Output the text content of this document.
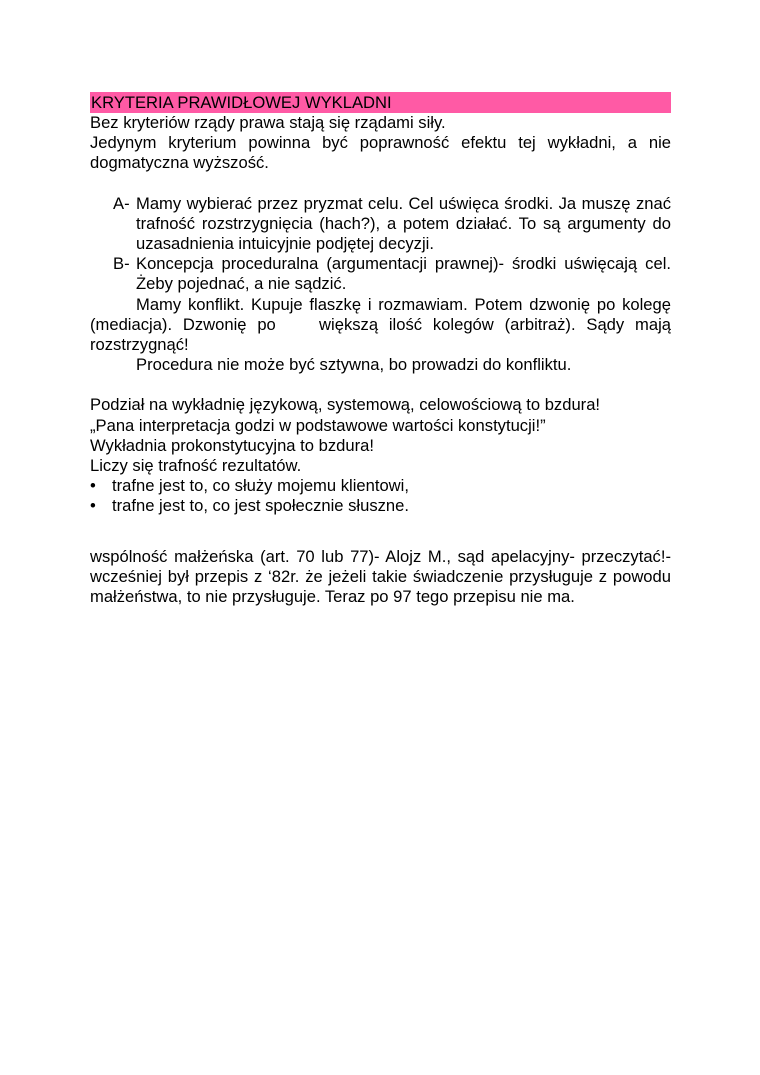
KRYTERIA PRAWIDŁOWEJ WYKLADNI

Bez kryteriów rządy prawa stają się rządami siły.

Jedynym kryterium powinna być poprawność efektu tej wykładni, a nie dogmatyczna wyższość.

A- Mamy wybierać przez pryzmat celu. Cel uświęca środki. Ja muszę znać trafność rozstrzygnięcia (hach?), a potem działać. To są argumenty do uzasadnienia intuicyjnie podjętej decyzji.

B- Koncepcja proceduralna (argumentacji prawnej)- środki uświęcają cel. Żeby pojednać, a nie sądzić.

Mamy konflikt. Kupuje flaszkę i rozmawiam. Potem dzwonię po kolegę (mediacja). Dzwonię po    większą ilość kolegów (arbitraż). Sądy mają rozstrzygnąć!

Procedura nie może być sztywna, bo prowadzi do konfliktu.

Podział na wykładnię językową, systemową, celowościową to bzdura!

„Pana interpretacja godzi w podstawowe wartości konstytucji!”

Wykładnia prokonstytucyjna to bzdura!

Liczy się trafność rezultatów.

• trafne jest to, co służy mojemu klientowi,
• trafne jest to, co jest społecznie słuszne.

wspólność małżeńska (art. 70 lub 77)- Alojz M., sąd apelacyjny- przeczytać!- wcześniej był przepis z ‘82r. że jeżeli takie świadczenie przysługuje z powodu małżeństwa, to nie przysługuje. Teraz po 97 tego przepisu nie ma.
